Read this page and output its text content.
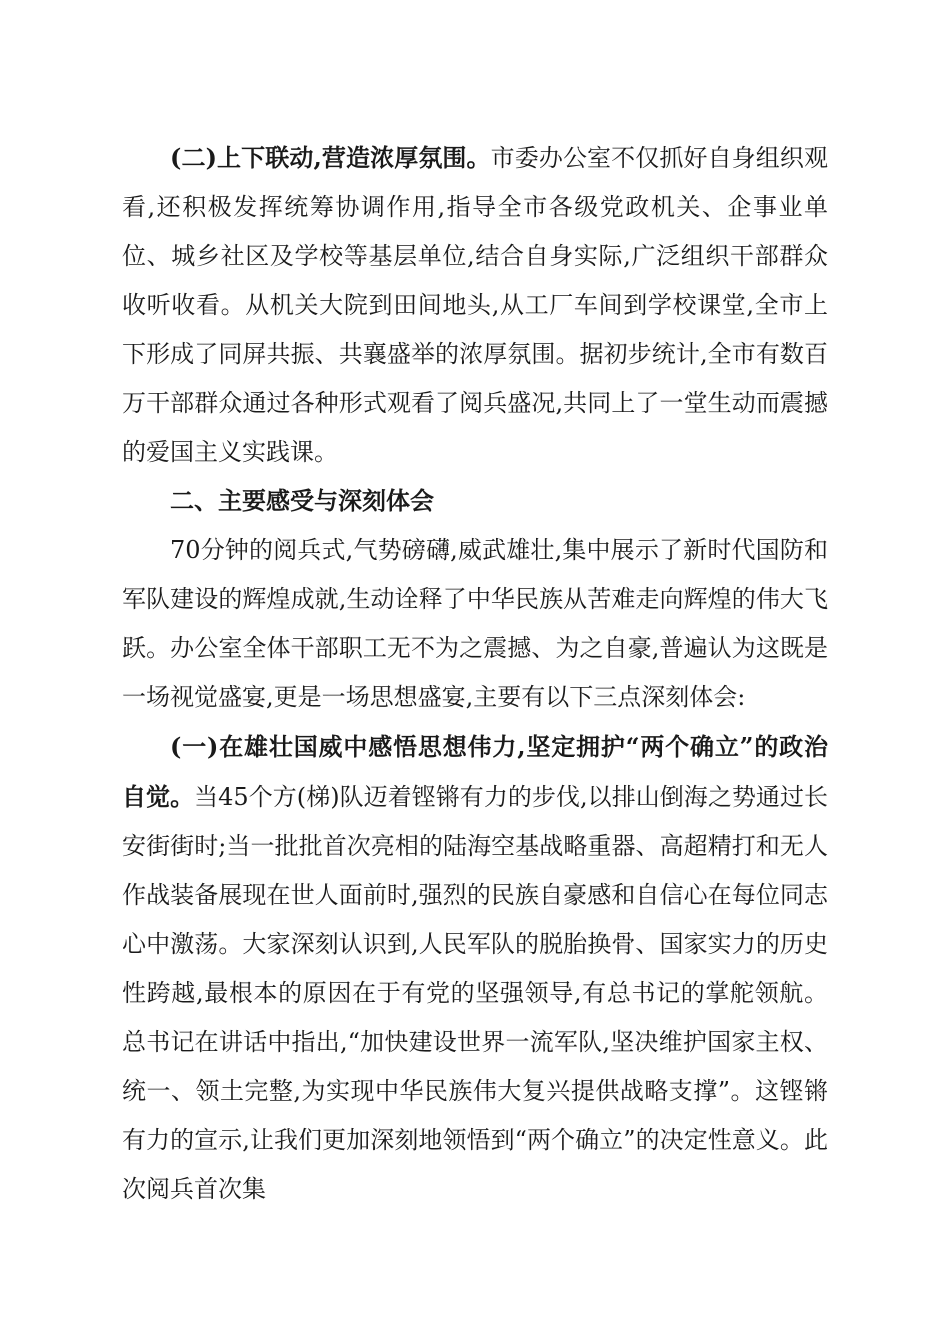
(二)上下联动,营造浓厚氛围。市委办公室不仅抓好自身组织观看,还积极发挥统筹协调作用,指导全市各级党政机关、企事业单位、城乡社区及学校等基层单位,结合自身实际,广泛组织干部群众收听收看。从机关大院到田间地头,从工厂车间到学校课堂,全市上下形成了同屏共振、共襄盛举的浓厚氛围。据初步统计,全市有数百万干部群众通过各种形式观看了阅兵盛况,共同上了一堂生动而震撼的爱国主义实践课。

二、主要感受与深刻体会

70分钟的阅兵式,气势磅礴,威武雄壮,集中展示了新时代国防和军队建设的辉煌成就,生动诠释了中华民族从苦难走向辉煌的伟大飞跃。办公室全体干部职工无不为之震撼、为之自豪,普遍认为这既是一场视觉盛宴,更是一场思想盛宴,主要有以下三点深刻体会:

(一)在雄壮国威中感悟思想伟力,坚定拥护“两个确立”的政治自觉。当45个方(梯)队迈着铿锵有力的步伐,以排山倒海之势通过长安街街时;当一批批首次亮相的陆海空基战略重器、高超精打和无人作战装备展现在世人面前时,强烈的民族自豪感和自信心在每位同志心中激荡。大家深刻认识到,人民军队的脱胎换骨、国家实力的历史性跨越,最根本的原因在于有党的坚强领导,有总书记的掌舵领航。总书记在讲话中指出,“加快建设世界一流军队,坚决维护国家主权、统一、领土完整,为实现中华民族伟大复兴提供战略支撑”。这铿锵有力的宣示,让我们更加深刻地领悟到“两个确立”的决定性意义。此次阅兵首次集
